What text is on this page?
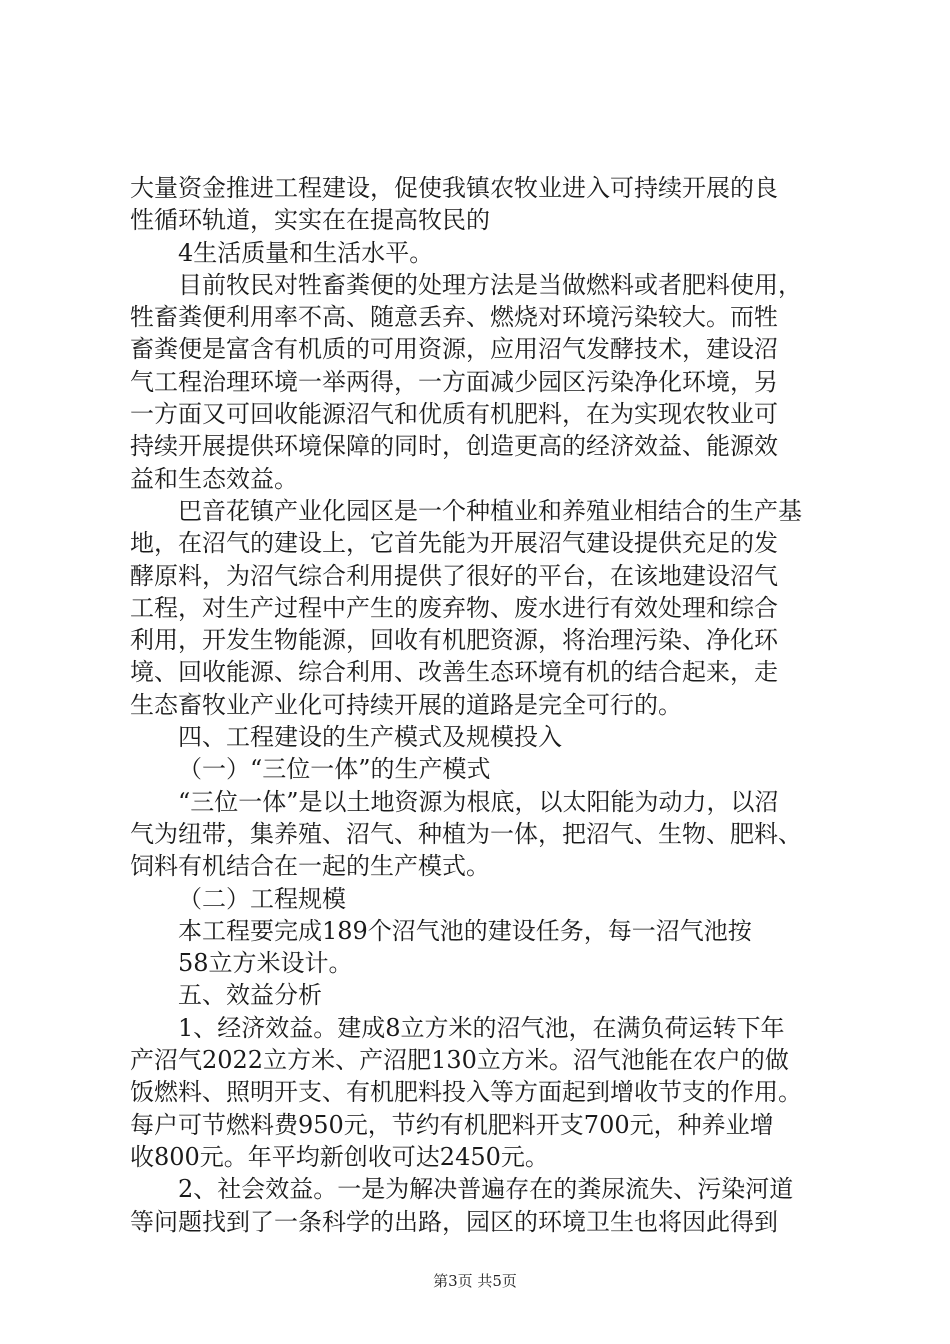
大量资金推进工程建设，促使我镇农牧业进入可持续开展的良
性循环轨道，实实在在提高牧民的
4生活质量和生活水平。
目前牧民对牲畜粪便的处理方法是当做燃料或者肥料使用，
牲畜粪便利用率不高、随意丢弃、燃烧对环境污染较大。而牲
畜粪便是富含有机质的可用资源，应用沼气发酵技术，建设沼
气工程治理环境一举两得，一方面减少园区污染净化环境，另
一方面又可回收能源沼气和优质有机肥料，在为实现农牧业可
持续开展提供环境保障的同时，创造更高的经济效益、能源效
益和生态效益。
巴音花镇产业化园区是一个种植业和养殖业相结合的生产基
地，在沼气的建设上，它首先能为开展沼气建设提供充足的发
酵原料，为沼气综合利用提供了很好的平台，在该地建设沼气
工程，对生产过程中产生的废弃物、废水进行有效处理和综合
利用，开发生物能源，回收有机肥资源，将治理污染、净化环
境、回收能源、综合利用、改善生态环境有机的结合起来，走
生态畜牧业产业化可持续开展的道路是完全可行的。
四、工程建设的生产模式及规模投入
（一）“三位一体”的生产模式
“三位一体”是以土地资源为根底，以太阳能为动力，以沼
气为纽带，集养殖、沼气、种植为一体，把沼气、生物、肥料、
饲料有机结合在一起的生产模式。
（二）工程规模
本工程要完成189个沼气池的建设任务，每一沼气池按
58立方米设计。
五、效益分析
1、经济效益。建成8立方米的沼气池，在满负荷运转下年
产沼气2022立方米、产沼肥130立方米。沼气池能在农户的做
饭燃料、照明开支、有机肥料投入等方面起到增收节支的作用。
每户可节燃料费950元，节约有机肥料开支700元，种养业增
收800元。年平均新创收可达2450元。
2、社会效益。一是为解决普遍存在的粪尿流失、污染河道
等问题找到了一条科学的出路，园区的环境卫生也将因此得到
第3页 共5页
